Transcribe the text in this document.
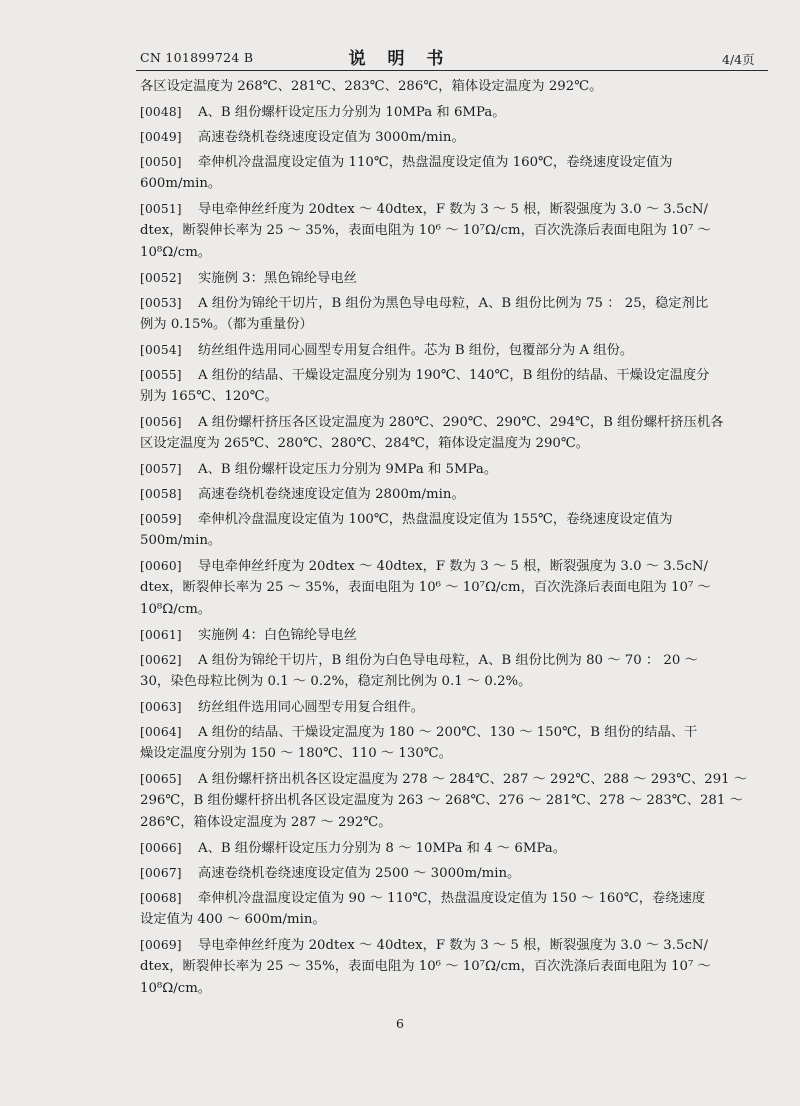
CN 101899724 B	说 明 书	4/4页
各区设定温度为 268℃、281℃、283℃、286℃，箱体设定温度为 292℃。
[0048] A、B 组份螺杆设定压力分别为 10MPa 和 6MPa。
[0049] 高速卷绕机卷绕速度设定值为 3000m/min。
[0050] 牵伸机冷盘温度设定值为 110℃，热盘温度设定值为 160℃，卷绕速度设定值为
600m/min。
[0051] 导电牵伸丝纤度为 20dtex ～ 40dtex，F 数为 3 ～ 5 根，断裂强度为 3.0 ～ 3.5cN/
dtex，断裂伸长率为 25 ～ 35%，表面电阻为 10⁶ ～ 10⁷Ω/cm，百次洗涤后表面电阻为 10⁷ ～
10⁸Ω/cm。
[0052] 实施例 3：黑色锦纶导电丝
[0053] A 组份为锦纶干切片，B 组份为黑色导电母粒，A、B 组份比例为 75 ： 25，稳定剂比
例为 0.15%。（都为重量份）
[0054] 纺丝组件选用同心圆型专用复合组件。芯为 B 组份，包覆部分为 A 组份。
[0055] A 组份的结晶、干燥设定温度分别为 190℃、140℃，B 组份的结晶、干燥设定温度分
别为 165℃、120℃。
[0056] A 组份螺杆挤压各区设定温度为 280℃、290℃、290℃、294℃，B 组份螺杆挤压机各
区设定温度为 265℃、280℃、280℃、284℃，箱体设定温度为 290℃。
[0057] A、B 组份螺杆设定压力分别为 9MPa 和 5MPa。
[0058] 高速卷绕机卷绕速度设定值为 2800m/min。
[0059] 牵伸机冷盘温度设定值为 100℃，热盘温度设定值为 155℃，卷绕速度设定值为
500m/min。
[0060] 导电牵伸丝纤度为 20dtex ～ 40dtex，F 数为 3 ～ 5 根，断裂强度为 3.0 ～ 3.5cN/
dtex，断裂伸长率为 25 ～ 35%，表面电阻为 10⁶ ～ 10⁷Ω/cm，百次洗涤后表面电阻为 10⁷ ～
10⁸Ω/cm。
[0061] 实施例 4：白色锦纶导电丝
[0062] A 组份为锦纶干切片，B 组份为白色导电母粒，A、B 组份比例为 80 ～ 70 ： 20 ～
30，染色母粒比例为 0.1 ～ 0.2%，稳定剂比例为 0.1 ～ 0.2%。
[0063] 纺丝组件选用同心圆型专用复合组件。
[0064] A 组份的结晶、干燥设定温度为 180 ～ 200℃、130 ～ 150℃，B 组份的结晶、干
燥设定温度分别为 150 ～ 180℃、110 ～ 130℃。
[0065] A 组份螺杆挤出机各区设定温度为 278 ～ 284℃、287 ～ 292℃、288 ～ 293℃、291 ～
296℃，B 组份螺杆挤出机各区设定温度为 263 ～ 268℃、276 ～ 281℃、278 ～ 283℃、281 ～
286℃，箱体设定温度为 287 ～ 292℃。
[0066] A、B 组份螺杆设定压力分别为 8 ～ 10MPa 和 4 ～ 6MPa。
[0067] 高速卷绕机卷绕速度设定值为 2500 ～ 3000m/min。
[0068] 牵伸机冷盘温度设定值为 90 ～ 110℃，热盘温度设定值为 150 ～ 160℃，卷绕速度
设定值为 400 ～ 600m/min。
[0069] 导电牵伸丝纤度为 20dtex ～ 40dtex，F 数为 3 ～ 5 根，断裂强度为 3.0 ～ 3.5cN/
dtex，断裂伸长率为 25 ～ 35%，表面电阻为 10⁶ ～ 10⁷Ω/cm，百次洗涤后表面电阻为 10⁷ ～
10⁸Ω/cm。
6
